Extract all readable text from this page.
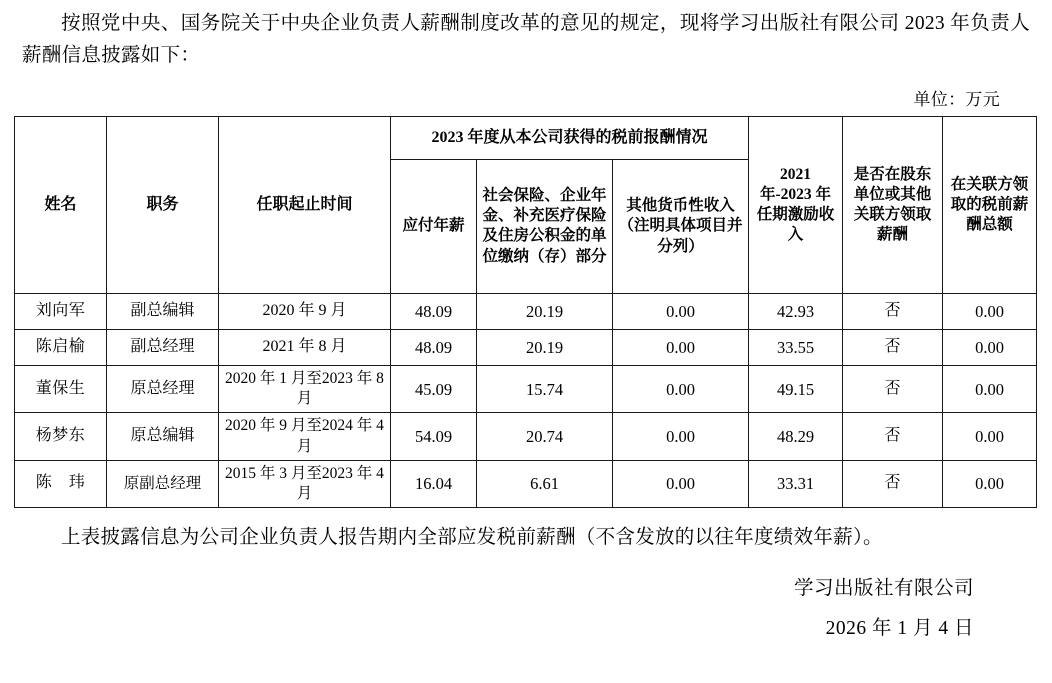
按照党中央、国务院关于中央企业负责人薪酬制度改革的意见的规定，现将学习出版社有限公司 2023 年负责人薪酬信息披露如下：

单位：万元

姓名	职务	任职起止时间	2023 年度从本公司获得的税前报酬情况			2021 年-2023 年任期激励收入	是否在股东单位或其他关联方领取薪酬	在关联方领取的税前薪酬总额
			应付年薪	社会保险、企业年金、补充医疗保险及住房公积金的单位缴纳（存）部分	其他货币性收入（注明具体项目并分列）			
刘向军	副总编辑	2020 年 9 月	48.09	20.19	0.00	42.93	否	0.00
陈启榆	副总经理	2021 年 8 月	48.09	20.19	0.00	33.55	否	0.00
董保生	原总经理	2020 年 1 月至2023 年 8 月	45.09	15.74	0.00	49.15	否	0.00
杨梦东	原总编辑	2020 年 9 月至2024 年 4 月	54.09	20.74	0.00	48.29	否	0.00
陈　玮	原副总经理	2015 年 3 月至2023 年 4 月	16.04	6.61	0.00	33.31	否	0.00

上表披露信息为公司企业负责人报告期内全部应发税前薪酬（不含发放的以往年度绩效年薪）。

学习出版社有限公司

2026 年 1 月 4 日
